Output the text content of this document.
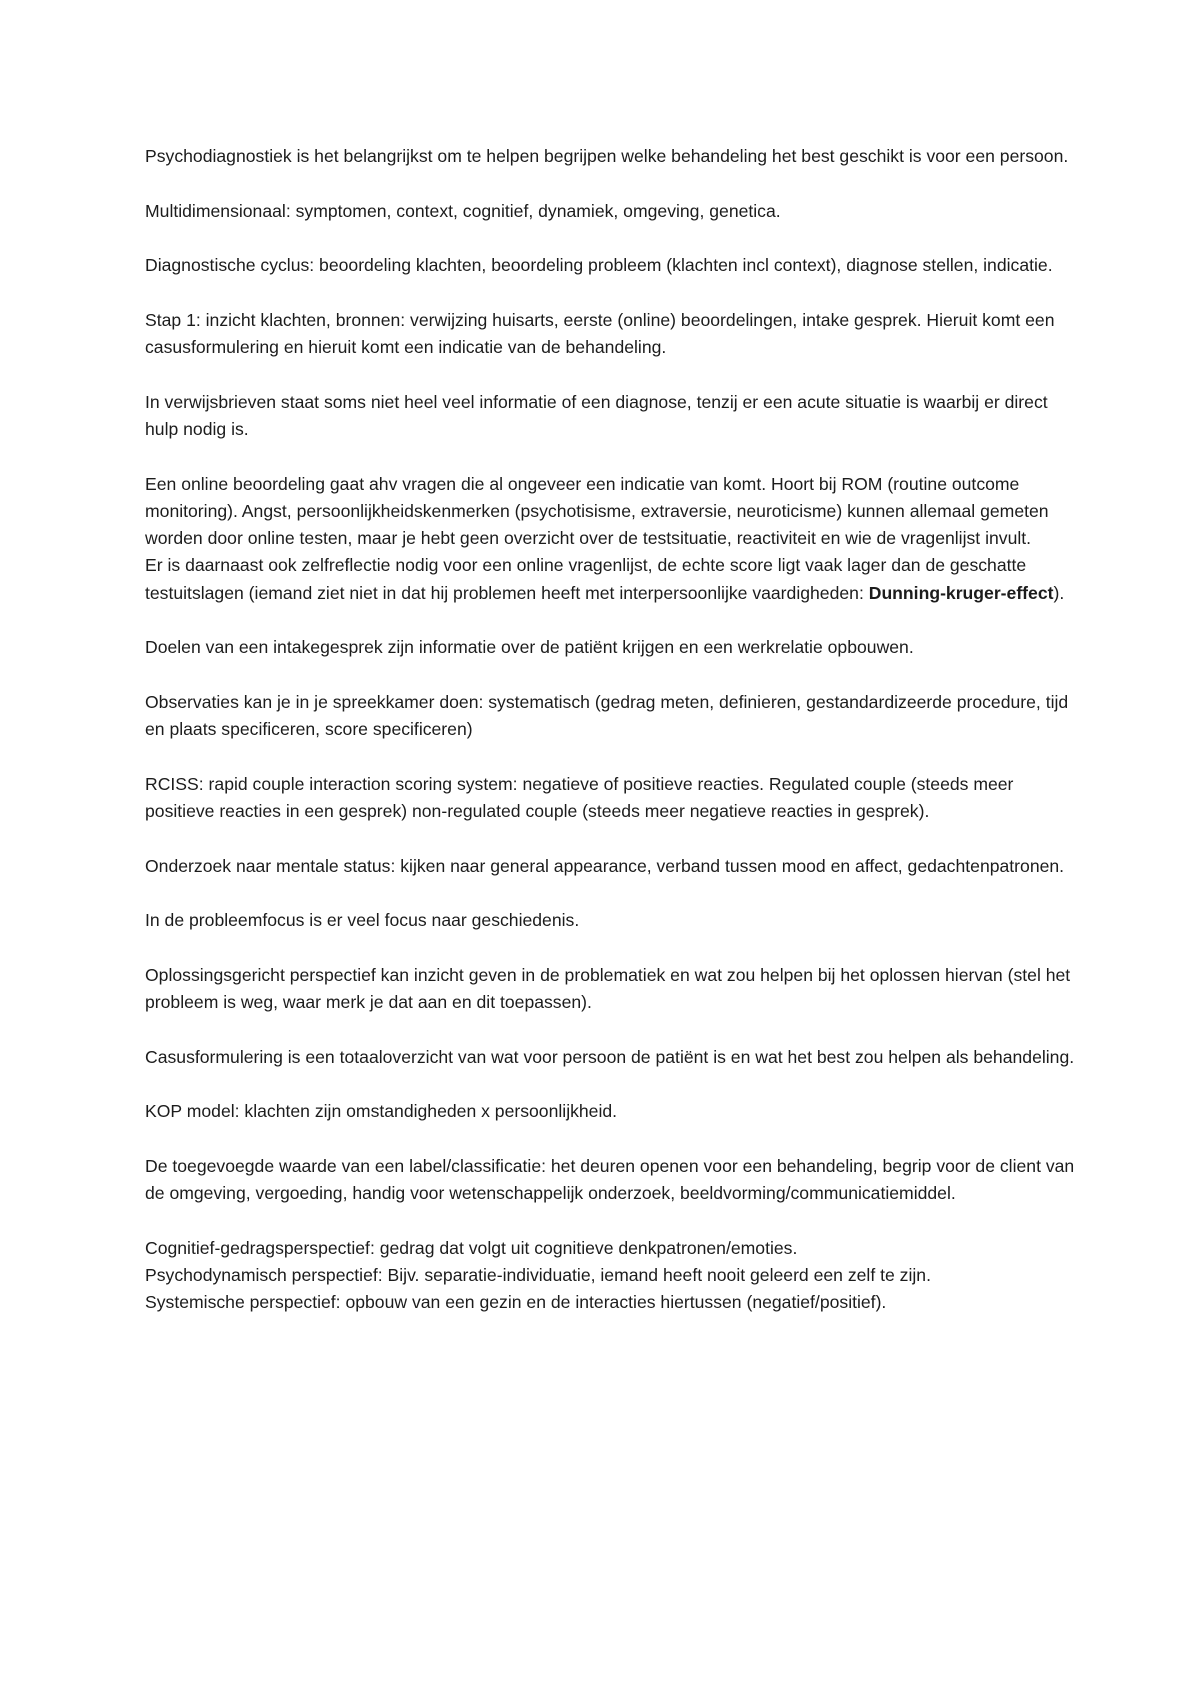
Psychodiagnostiek is het belangrijkst om te helpen begrijpen welke behandeling het best geschikt is voor een persoon.

Multidimensionaal: symptomen, context, cognitief, dynamiek, omgeving, genetica.

Diagnostische cyclus: beoordeling klachten, beoordeling probleem (klachten incl context), diagnose stellen, indicatie.

Stap 1: inzicht klachten, bronnen: verwijzing huisarts, eerste (online) beoordelingen, intake gesprek. Hieruit komt een casusformulering en hieruit komt een indicatie van de behandeling.

In verwijsbrieven staat soms niet heel veel informatie of een diagnose, tenzij er een acute situatie is waarbij er direct hulp nodig is.

Een online beoordeling gaat ahv vragen die al ongeveer een indicatie van komt. Hoort bij ROM (routine outcome monitoring). Angst, persoonlijkheidskenmerken (psychotisisme, extraversie, neuroticisme) kunnen allemaal gemeten worden door online testen, maar je hebt geen overzicht over de testsituatie, reactiviteit en wie de vragenlijst invult.

Er is daarnaast ook zelfreflectie nodig voor een online vragenlijst, de echte score ligt vaak lager dan de geschatte testuitslagen (iemand ziet niet in dat hij problemen heeft met interpersoonlijke vaardigheden: Dunning-kruger-effect).

Doelen van een intakegesprek zijn informatie over de patiënt krijgen en een werkrelatie opbouwen.

Observaties kan je in je spreekkamer doen: systematisch (gedrag meten, definieren, gestandardizeerde procedure, tijd en plaats specificeren, score specificeren)

RCISS: rapid couple interaction scoring system: negatieve of positieve reacties. Regulated couple (steeds meer positieve reacties in een gesprek) non-regulated couple (steeds meer negatieve reacties in gesprek).

Onderzoek naar mentale status: kijken naar general appearance, verband tussen mood en affect, gedachtenpatronen.

In de probleemfocus is er veel focus naar geschiedenis.

Oplossingsgericht perspectief kan inzicht geven in de problematiek en wat zou helpen bij het oplossen hiervan (stel het probleem is weg, waar merk je dat aan en dit toepassen).

Casusformulering is een totaaloverzicht van wat voor persoon de patiënt is en wat het best zou helpen als behandeling.

KOP model: klachten zijn omstandigheden x persoonlijkheid.

De toegevoegde waarde van een label/classificatie: het deuren openen voor een behandeling, begrip voor de client van de omgeving, vergoeding, handig voor wetenschappelijk onderzoek, beeldvorming/communicatiemiddel.

Cognitief-gedragsperspectief: gedrag dat volgt uit cognitieve denkpatronen/emoties.

Psychodynamisch perspectief: Bijv. separatie-individuatie, iemand heeft nooit geleerd een zelf te zijn.

Systemische perspectief: opbouw van een gezin en de interacties hiertussen (negatief/positief).
